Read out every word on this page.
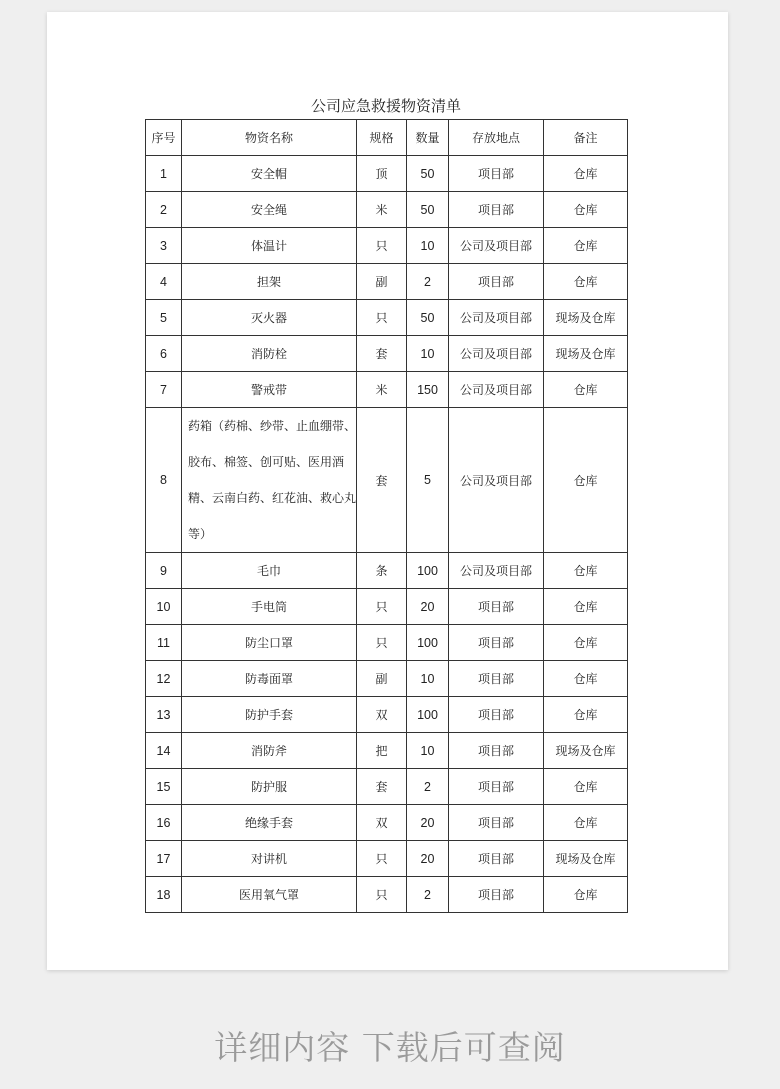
公司应急救援物资清单
序号	物资名称	规格	数量	存放地点	备注
1	安全帽	顶	50	项目部	仓库
2	安全绳	米	50	项目部	仓库
3	体温计	只	10	公司及项目部	仓库
4	担架	副	2	项目部	仓库
5	灭火器	只	50	公司及项目部	现场及仓库
6	消防栓	套	10	公司及项目部	现场及仓库
7	警戒带	米	150	公司及项目部	仓库
8	药箱（药棉、纱带、止血绷带、胶布、棉签、创可贴、医用酒精、云南白药、红花油、救心丸等）	套	5	公司及项目部	仓库
9	毛巾	条	100	公司及项目部	仓库
10	手电筒	只	20	项目部	仓库
11	防尘口罩	只	100	项目部	仓库
12	防毒面罩	副	10	项目部	仓库
13	防护手套	双	100	项目部	仓库
14	消防斧	把	10	项目部	现场及仓库
15	防护服	套	2	项目部	仓库
16	绝缘手套	双	20	项目部	仓库
17	对讲机	只	20	项目部	现场及仓库
18	医用氧气罩	只	2	项目部	仓库
详细内容 下载后可查阅
